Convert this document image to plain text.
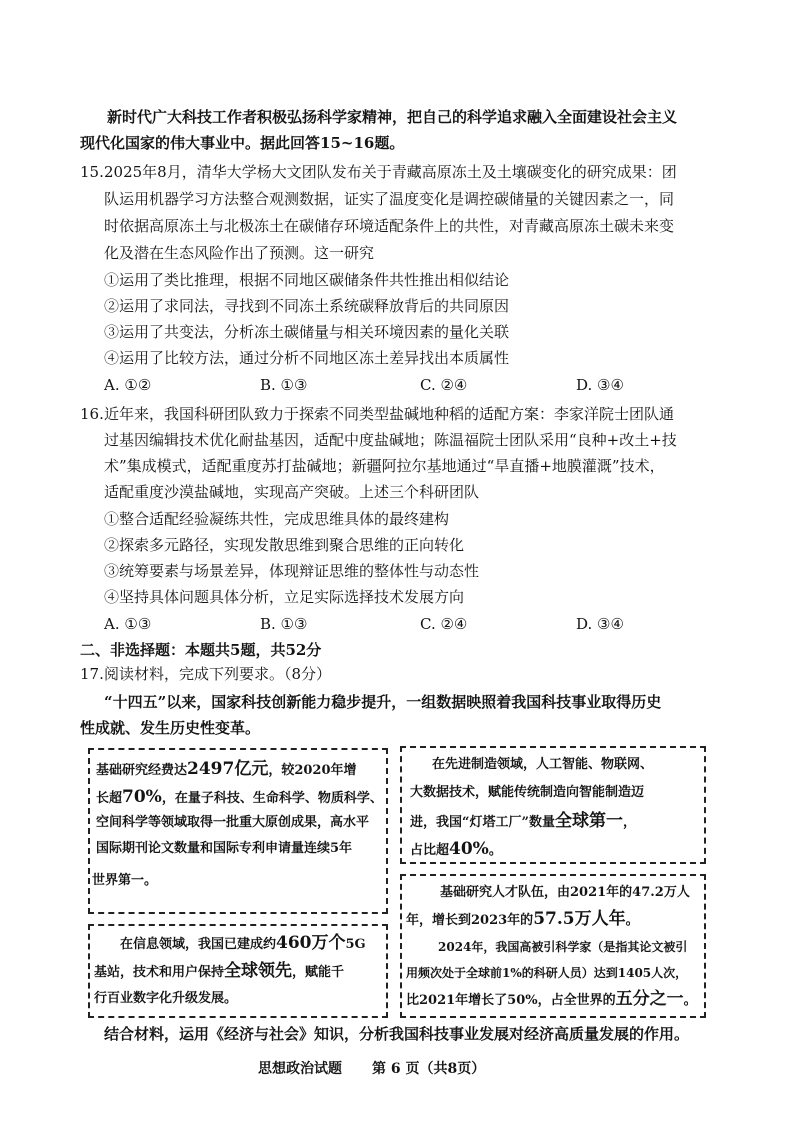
新时代广大科技工作者积极弘扬科学家精神，把自己的科学追求融入全面建设社会主义
现代化国家的伟大事业中。据此回答15~16题。
15. 2025年8月，清华大学杨大文团队发布关于青藏高原冻土及土壤碳变化的研究成果：团
队运用机器学习方法整合观测数据，证实了温度变化是调控碳储量的关键因素之一，同
时依据高原冻土与北极冻土在碳储存环境适配条件上的共性，对青藏高原冻土碳未来变
化及潜在生态风险作出了预测。这一研究
①运用了类比推理，根据不同地区碳储条件共性推出相似结论
②运用了求同法，寻找到不同冻土系统碳释放背后的共同原因
③运用了共变法，分析冻土碳储量与相关环境因素的量化关联
④运用了比较方法，通过分析不同地区冻土差异找出本质属性
A. ①②	B. ①③	C. ②④	D. ③④
16. 近年来，我国科研团队致力于探索不同类型盐碱地种稻的适配方案：李家洋院士团队通
过基因编辑技术优化耐盐基因，适配中度盐碱地；陈温福院士团队采用“良种+改土+技
术”集成模式，适配重度苏打盐碱地；新疆阿拉尔基地通过“旱直播+地膜灌溉”技术，
适配重度沙漠盐碱地，实现高产突破。上述三个科研团队
①整合适配经验凝练共性，完成思维具体的最终建构
②探索多元路径，实现发散思维到聚合思维的正向转化
③统筹要素与场景差异，体现辩证思维的整体性与动态性
④坚持具体问题具体分析，立足实际选择技术发展方向
A. ①③	B. ①③	C. ②④	D. ③④
二、非选择题：本题共5题，共52分
17. 阅读材料，完成下列要求。（8分）
“十四五”以来，国家科技创新能力稳步提升，一组数据映照着我国科技事业取得历史
性成就、发生历史性变革。
基础研究经费达2497亿元，较2020年增
长超70%，在量子科技、生命科学、物质科学、
空间科学等领域取得一批重大原创成果，高水平
国际期刊论文数量和国际专利申请量连续5年
世界第一。
在先进制造领域，人工智能、物联网、
大数据技术，赋能传统制造向智能制造迈
进，我国“灯塔工厂”数量全球第一，
占比超40%。
在信息领域，我国已建成约460万个5G
基站，技术和用户保持全球领先，赋能千
行百业数字化升级发展。
基础研究人才队伍，由2021年的47.2万人
年，增长到2023年的57.5万人年。
2024年，我国高被引科学家（是指其论文被引
用频次处于全球前1%的科研人员）达到1405人次，
比2021年增长了50%，占全世界的五分之一。
结合材料，运用《经济与社会》知识，分析我国科技事业发展对经济高质量发展的作用。
思想政治试题 第 6 页（共8页）
